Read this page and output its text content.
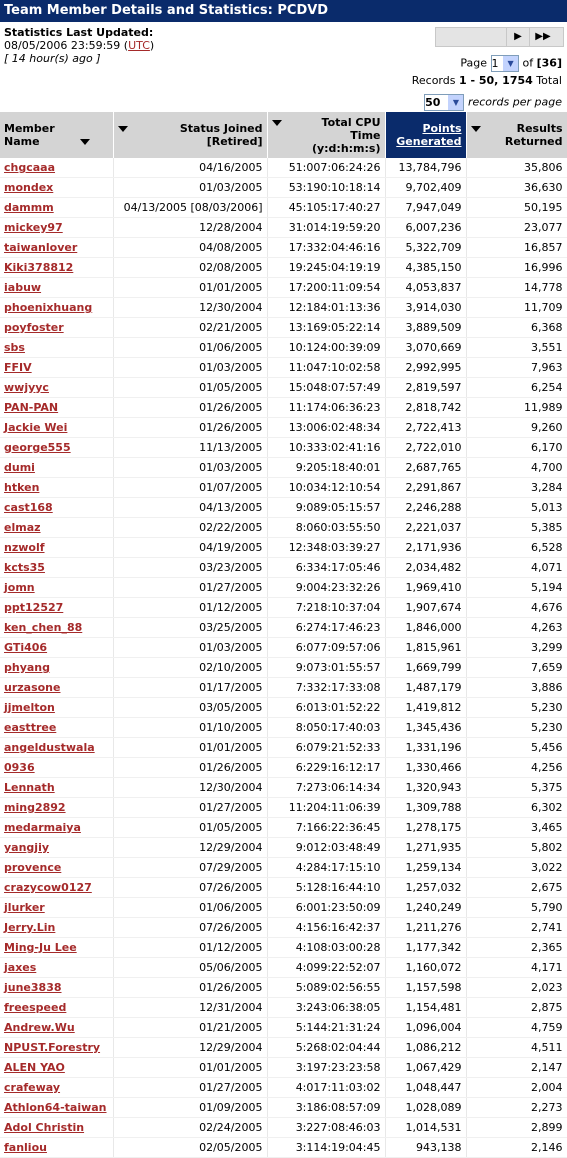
Team Member Details and Statistics: PCDVD
Statistics Last Updated:
08/05/2006 23:59:59 (UTC)
[ 14 hour(s) ago ]
▶	▶▶
Page 1	▼ of [36]
Records 1 - 50, 1754 Total
50	▼ records per page
Member Name	Status Joined [Retired]	Total CPU Time (y:d:h:m:s)	Points Generated	Results Returned
chgcaaa	04/16/2005	51:007:06:24:26	13,784,796	35,806
mondex	01/03/2005	53:190:10:18:14	9,702,409	36,630
dammm	04/13/2005 [08/03/2006]	45:105:17:40:27	7,947,049	50,195
mickey97	12/28/2004	31:014:19:59:20	6,007,236	23,077
taiwanlover	04/08/2005	17:332:04:46:16	5,322,709	16,857
Kiki378812	02/08/2005	19:245:04:19:19	4,385,150	16,996
iabuw	01/01/2005	17:200:11:09:54	4,053,837	14,778
phoenixhuang	12/30/2004	12:184:01:13:36	3,914,030	11,709
poyfoster	02/21/2005	13:169:05:22:14	3,889,509	6,368
sbs	01/06/2005	10:124:00:39:09	3,070,669	3,551
FFIV	01/03/2005	11:047:10:02:58	2,992,995	7,963
wwjyyc	01/05/2005	15:048:07:57:49	2,819,597	6,254
PAN-PAN	01/26/2005	11:174:06:36:23	2,818,742	11,989
Jackie Wei	01/26/2005	13:006:02:48:34	2,722,413	9,260
george555	11/13/2005	10:333:02:41:16	2,722,010	6,170
dumi	01/03/2005	9:205:18:40:01	2,687,765	4,700
htken	01/07/2005	10:034:12:10:54	2,291,867	3,284
cast168	04/13/2005	9:089:05:15:57	2,246,288	5,013
elmaz	02/22/2005	8:060:03:55:50	2,221,037	5,385
nzwolf	04/19/2005	12:348:03:39:27	2,171,936	6,528
kcts35	03/23/2005	6:334:17:05:46	2,034,482	4,071
jomn	01/27/2005	9:004:23:32:26	1,969,410	5,194
ppt12527	01/12/2005	7:218:10:37:04	1,907,674	4,676
ken_chen_88	03/25/2005	6:274:17:46:23	1,846,000	4,263
GTi406	01/03/2005	6:077:09:57:06	1,815,961	3,299
phyang	02/10/2005	9:073:01:55:57	1,669,799	7,659
urzasone	01/17/2005	7:332:17:33:08	1,487,179	3,886
jjmelton	03/05/2005	6:013:01:52:22	1,419,812	5,230
easttree	01/10/2005	8:050:17:40:03	1,345,436	5,230
angeldustwala	01/01/2005	6:079:21:52:33	1,331,196	5,456
0936	01/26/2005	6:229:16:12:17	1,330,466	4,256
Lennath	12/30/2004	7:273:06:14:34	1,320,943	5,375
ming2892	01/27/2005	11:204:11:06:39	1,309,788	6,302
medarmaiya	01/05/2005	7:166:22:36:45	1,278,175	3,465
yangjiy	12/29/2004	9:012:03:48:49	1,271,935	5,802
provence	07/29/2005	4:284:17:15:10	1,259,134	3,022
crazycow0127	07/26/2005	5:128:16:44:10	1,257,032	2,675
jlurker	01/06/2005	6:001:23:50:09	1,240,249	5,790
Jerry.Lin	07/26/2005	4:156:16:42:37	1,211,276	2,741
Ming-Ju Lee	01/12/2005	4:108:03:00:28	1,177,342	2,365
jaxes	05/06/2005	4:099:22:52:07	1,160,072	4,171
june3838	01/26/2005	5:089:02:56:55	1,157,598	2,023
freespeed	12/31/2004	3:243:06:38:05	1,154,481	2,875
Andrew.Wu	01/21/2005	5:144:21:31:24	1,096,004	4,759
NPUST.Forestry	12/29/2004	5:268:02:04:44	1,086,212	4,511
ALEN YAO	01/01/2005	3:197:23:23:58	1,067,429	2,147
crafeway	01/27/2005	4:017:11:03:02	1,048,447	2,004
Athlon64-taiwan	01/09/2005	3:186:08:57:09	1,028,089	2,273
Adol Christin	02/24/2005	3:227:08:46:03	1,014,531	2,899
fanliou	02/05/2005	3:114:19:04:45	943,138	2,146
